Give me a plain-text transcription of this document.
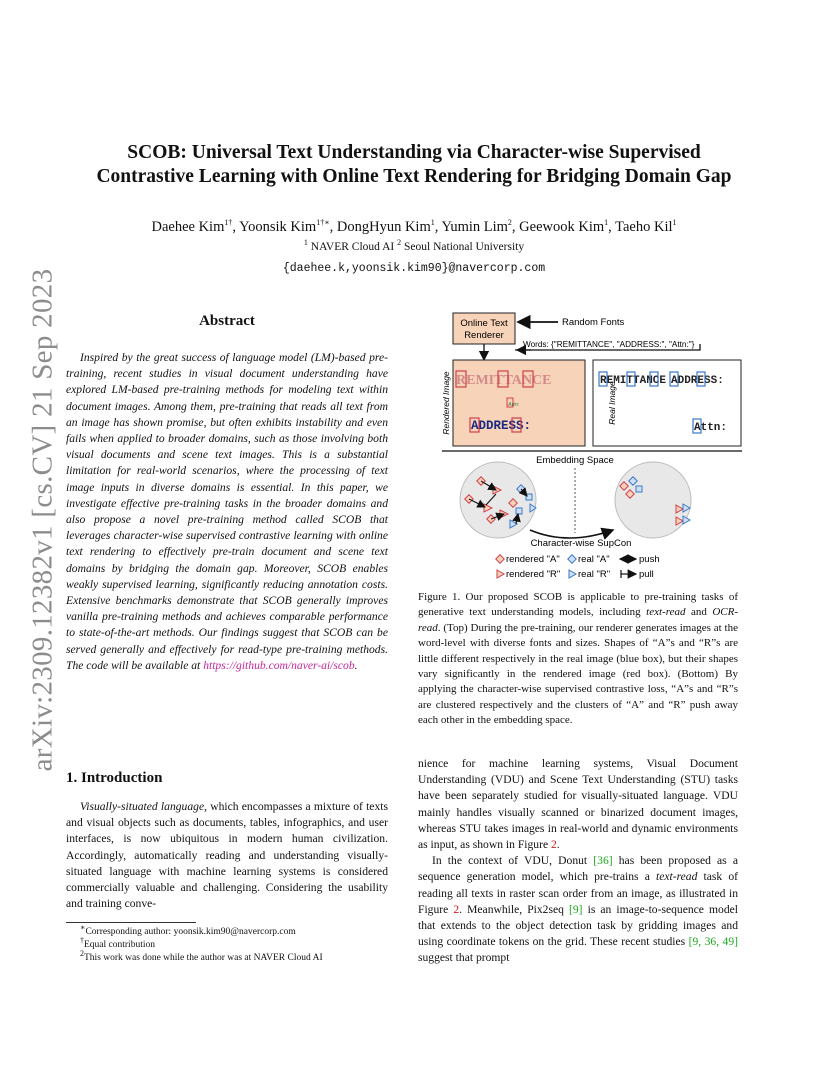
arXiv:2309.12382v1 [cs.CV] 21 Sep 2023
SCOB: Universal Text Understanding via Character-wise Supervised
Contrastive Learning with Online Text Rendering for Bridging Domain Gap
Daehee Kim$^{1\dagger}$, Yoonsik Kim$^{1\dagger∗}$, DongHyun Kim$^1$, Yumin Lim$^2$, Geewook Kim$^1$, Taeho Kil$^1$
$^1$ NAVER Cloud AI $^2$ Seoul National University
{daehee.k,yoonsik.kim90}@navercorp.com
Abstract

Inspired by the great success of language model (LM)-based pre-training, recent studies in visual document understanding have explored LM-based pre-training methods for modeling text within document images. Among them, pre-training that reads all text from an image has shown promise, but often exhibits instability and even fails when applied to broader domains, such as those involving both visual documents and scene text images. This is a substantial limitation for real-world scenarios, where the processing of text image inputs in diverse domains is essential. In this paper, we investigate effective pre-training tasks in the broader domains and also propose a novel pre-training method called SCOB that leverages character-wise supervised contrastive learning with online text rendering to effectively pre-train document and scene text domains by bridging the domain gap. Moreover, SCOB enables weakly supervised learning, significantly reducing annotation costs. Extensive benchmarks demonstrate that SCOB generally improves vanilla pre-training methods and achieves comparable performance to state-of-the-art methods. Our findings suggest that SCOB can be served generally and effectively for read-type pre-training methods. The code will be available at https://github.com/naver-ai/scob.

1. Introduction

Visually-situated language, which encompasses a mixture of texts and visual objects such as documents, tables, infographics, and user interfaces, is now ubiquitous in modern human civilization. Accordingly, automatically reading and understanding visually-situated language with machine learning systems is considered commercially valuable and challenging. Considering the usability and training conve-

∗Corresponding author: yoonsik.kim90@navercorp.com
†Equal contribution
$^2$This work was done while the author was at NAVER Cloud AI
Online Text
Renderer
Random Fonts
Words: {"REMITTANCE", "ADDRESS:", "Attn:"}
Rendered Image REMITTANCE
Attn:
ADDRESS:
Real Image
REMITTANCE ADDRESS:
Attn:
Embedding Space
Character-wise SupCon
rendered "A" real "A"	push
rendered "R" real "R"	pull

Figure 1. Our proposed SCOB is applicable to pre-training tasks of generative text understanding models, including text-read and OCR-read. (Top) During the pre-training, our renderer generates images at the word-level with diverse fonts and sizes. Shapes of “A”s and “R”s are little different respectively in the real image (blue box), but their shapes vary significantly in the rendered image (red box). (Bottom) By applying the character-wise supervised contrastive loss, “A”s and “R”s are clustered respectively and the clusters of “A” and “R” push away each other in the embedding space.

nience for machine learning systems, Visual Document Understanding (VDU) and Scene Text Understanding (STU) tasks have been separately studied for visually-situated language. VDU mainly handles visually scanned or binarized document images, whereas STU takes images in real-world and dynamic environments as input, as shown in Figure 2.

In the context of VDU, Donut [36] has been proposed as a sequence generation model, which pre-trains a text-read task of reading all texts in raster scan order from an image, as illustrated in Figure 2. Meanwhile, Pix2seq [9] is an image-to-sequence model that extends to the object detection task by gridding images and using coordinate tokens on the grid. These recent studies [9, 36, 49] suggest that prompt
